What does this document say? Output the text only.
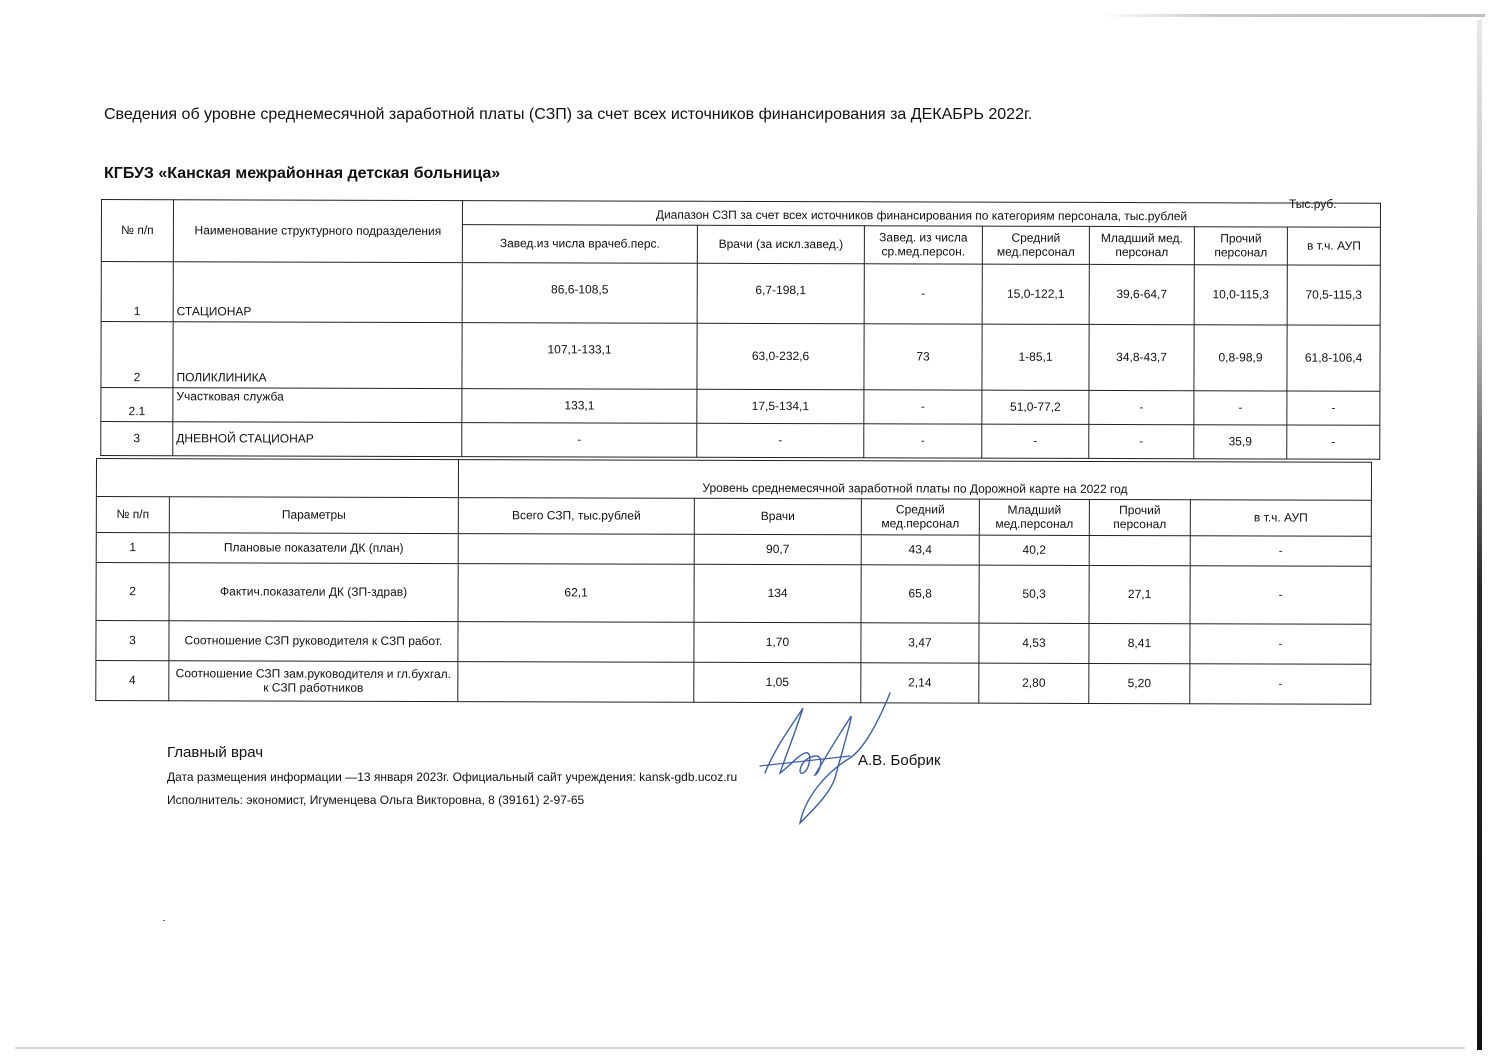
Сведения об уровне среднемесячной заработной платы (СЗП) за счет всех источников финансирования за ДЕКАБРЬ 2022г.
КГБУЗ «Канская межрайонная детская больница»
Тыс.руб.
№ п/п	Наименование структурного подразделения	Диапазон СЗП за счет всех источников финансирования по категориям персонала, тыс.рублей						
		Завед.из числа врачеб.перс.	Врачи (за искл.завед.)	Завед. из числа ср.мед.персон.	Средний мед.персонал	Младший мед. персонал	Прочий персонал	в т.ч. АУП
1	СТАЦИОНАР	86,6-108,5	6,7-198,1	-	15,0-122,1	39,6-64,7	10,0-115,3	70,5-115,3
2	ПОЛИКЛИНИКА	107,1-133,1	63,0-232,6	73	1-85,1	34,8-43,7	0,8-98,9	61,8-106,4
2.1	Участковая служба	133,1	17,5-134,1	-	51,0-77,2	-	-	-
3	ДНЕВНОЙ СТАЦИОНАР	-	-	-	-	-	35,9	-
		Уровень среднемесячной заработной платы по Дорожной карте на 2022 год					
№ п/п	Параметры	Всего СЗП, тыс.рублей	Врачи	Средний мед.персонал	Младший мед.персонал	Прочий персонал	в т.ч. АУП
1	Плановые показатели ДК (план)		90,7	43,4	40,2		-
2	Фактич.показатели ДК (ЗП-здрав)	62,1	134	65,8	50,3	27,1	-
3	Соотношение СЗП руководителя к СЗП работ.		1,70	3,47	4,53	8,41	-
4	Соотношение СЗП зам.руководителя и гл.бухгал. к СЗП работников		1,05	2,14	2,80	5,20	-
Главный врач
Дата размещения информации —13 января 2023г. Официальный сайт учреждения: kansk-gdb.ucoz.ru
Исполнитель: экономист, Игуменцева Ольга Викторовна, 8 (39161) 2-97-65
А.В. Бобрик
